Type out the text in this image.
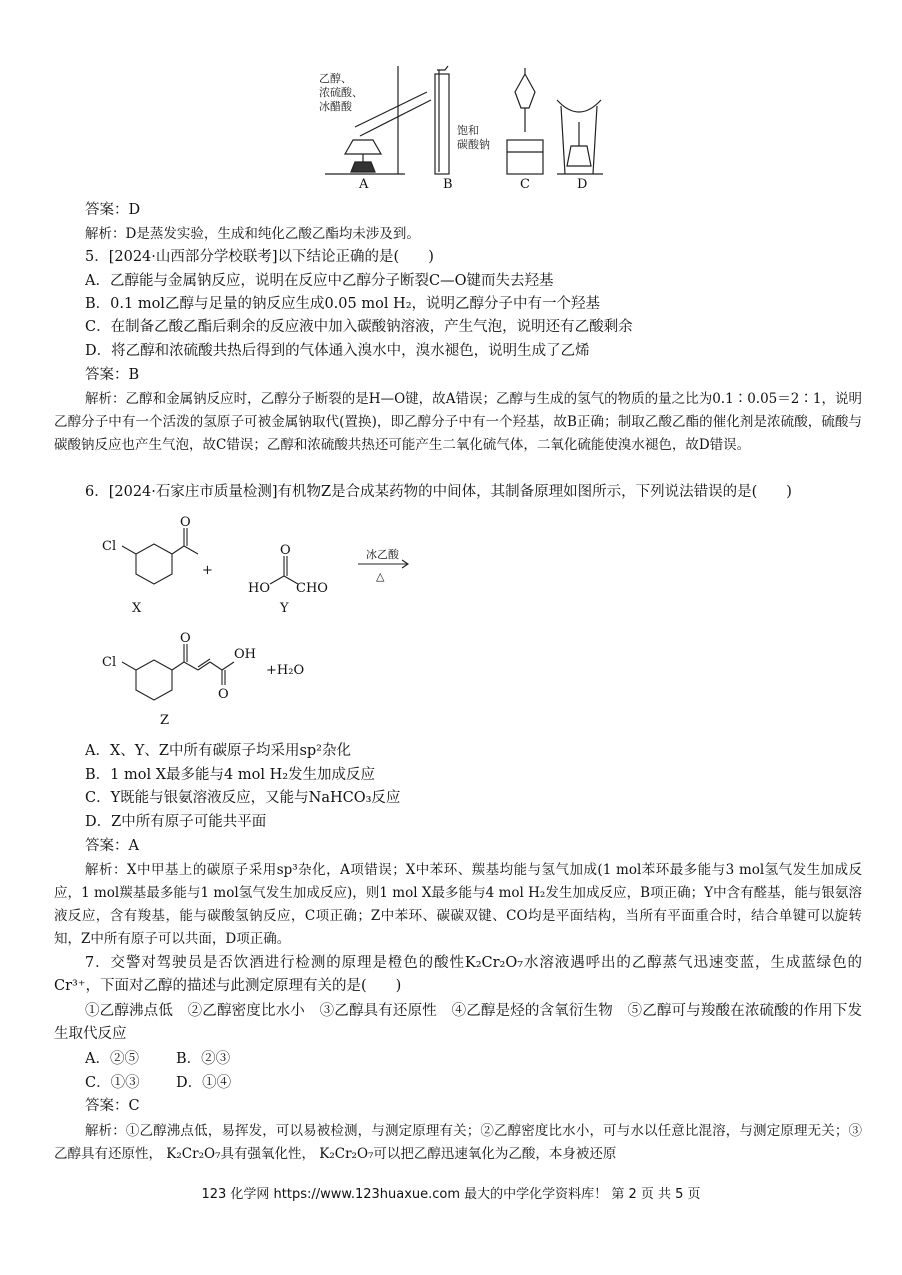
乙醇、
浓硫酸、
冰醋酸
饱和
碳酸钠
A	B	C	D
答案：D
解析：D是蒸发实验，生成和纯化乙酸乙酯均未涉及到。
5．[2024·山西部分学校联考]以下结论正确的是(　　)
A．乙醇能与金属钠反应，说明在反应中乙醇分子断裂C—O键而失去羟基
B．0.1 mol乙醇与足量的钠反应生成0.05 mol H₂，说明乙醇分子中有一个羟基
C．在制备乙酸乙酯后剩余的反应液中加入碳酸钠溶液，产生气泡，说明还有乙酸剩余
D．将乙醇和浓硫酸共热后得到的气体通入溴水中，溴水褪色，说明生成了乙烯
答案：B
解析：乙醇和金属钠反应时，乙醇分子断裂的是H—O键，故A错误；乙醇与生成的氢气的物质的量之比为0.1∶0.05＝2∶1，说明乙醇分子中有一个活泼的氢原子可被金属钠取代(置换)，即乙醇分子中有一个羟基，故B正确；制取乙酸乙酯的催化剂是浓硫酸，硫酸与碳酸钠反应也产生气泡，故C错误；乙醇和浓硫酸共热还可能产生二氧化硫气体，二氧化硫能使溴水褪色，故D错误。
6．[2024·石家庄市质量检测]有机物Z是合成某药物的中间体，其制备原理如图所示，下列说法错误的是(　　)
Cl
O
X
+
O
HO CHO
Y
冰乙酸
△
Cl
O
O
OH
+H₂O
Z
A．X、Y、Z中所有碳原子均采用sp²杂化
B．1 mol X最多能与4 mol H₂发生加成反应
C．Y既能与银氨溶液反应，又能与NaHCO₃反应
D．Z中所有原子可能共平面
答案：A
解析：X中甲基上的碳原子采用sp³杂化，A项错误；X中苯环、羰基均能与氢气加成(1 mol苯环最多能与3 mol氢气发生加成反应，1 mol羰基最多能与1 mol氢气发生加成反应)，则1 mol X最多能与4 mol H₂发生加成反应，B项正确；Y中含有醛基，能与银氨溶液反应，含有羧基，能与碳酸氢钠反应，C项正确；Z中苯环、碳碳双键、CO均是平面结构，当所有平面重合时，结合单键可以旋转知，Z中所有原子可以共面，D项正确。
7．交警对驾驶员是否饮酒进行检测的原理是橙色的酸性K₂Cr₂O₇水溶液遇呼出的乙醇蒸气迅速变蓝，生成蓝绿色的Cr³⁺，下面对乙醇的描述与此测定原理有关的是(　　)
①乙醇沸点低　②乙醇密度比水小　③乙醇具有还原性　④乙醇是烃的含氧衍生物　⑤乙醇可与羧酸在浓硫酸的作用下发生取代反应
A．②⑤	B．②③
C．①③	D．①④
答案：C
解析：①乙醇沸点低，易挥发，可以易被检测，与测定原理有关；②乙醇密度比水小，可与水以任意比混溶，与测定原理无关；③乙醇具有还原性， K₂Cr₂O₇具有强氧化性， K₂Cr₂O₇可以把乙醇迅速氧化为乙酸，本身被还原
123 化学网 https://www.123huaxue.com 最大的中学化学资料库！ 第 2 页 共 5 页
